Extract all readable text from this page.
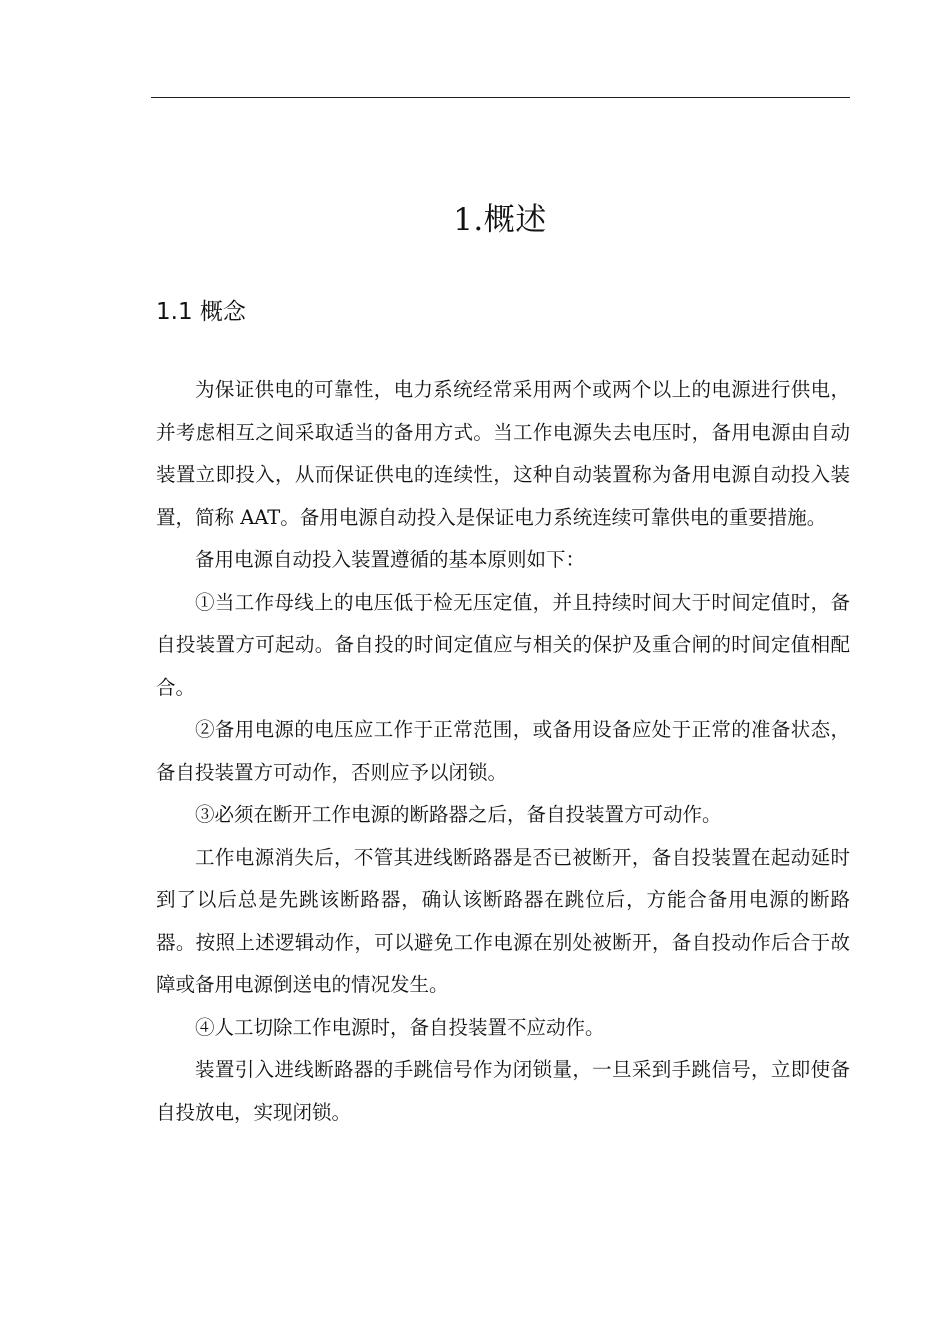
1.概述
1.1 概念

为保证供电的可靠性，电力系统经常采用两个或两个以上的电源进行供电，并考虑相互之间采取适当的备用方式。当工作电源失去电压时，备用电源由自动装置立即投入，从而保证供电的连续性，这种自动装置称为备用电源自动投入装置，简称 AAT。备用电源自动投入是保证电力系统连续可靠供电的重要措施。

备用电源自动投入装置遵循的基本原则如下：

①当工作母线上的电压低于检无压定值，并且持续时间大于时间定值时，备自投装置方可起动。备自投的时间定值应与相关的保护及重合闸的时间定值相配合。

②备用电源的电压应工作于正常范围，或备用设备应处于正常的准备状态，备自投装置方可动作，否则应予以闭锁。

③必须在断开工作电源的断路器之后，备自投装置方可动作。

工作电源消失后，不管其进线断路器是否已被断开，备自投装置在起动延时到了以后总是先跳该断路器，确认该断路器在跳位后，方能合备用电源的断路器。按照上述逻辑动作，可以避免工作电源在别处被断开，备自投动作后合于故障或备用电源倒送电的情况发生。

④人工切除工作电源时，备自投装置不应动作。

装置引入进线断路器的手跳信号作为闭锁量，一旦采到手跳信号，立即使备自投放电，实现闭锁。
